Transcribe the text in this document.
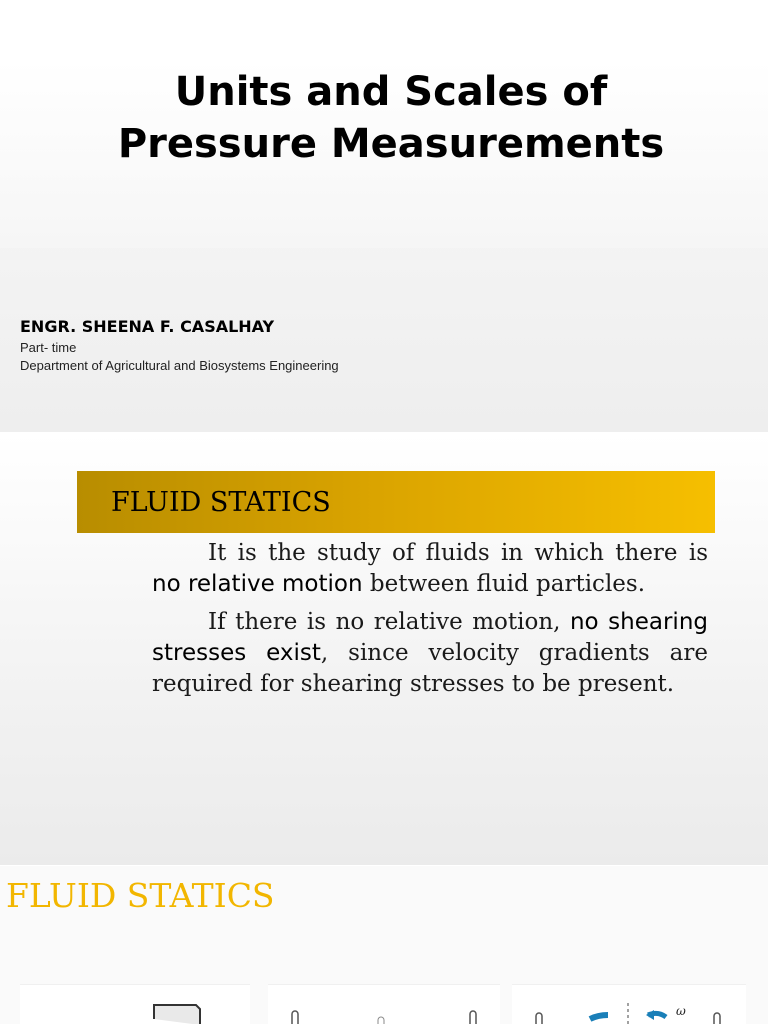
Units and Scales of Pressure Measurements

ENGR. SHEENA F. CASALHAY

Part- time

Department of Agricultural and Biosystems Engineering

FLUID STATICS

It is the study of fluids in which there is no relative motion between fluid particles.

If there is no relative motion, no shearing stresses exist, since velocity gradients are required for shearing stresses to be present.

FLUID STATICS
ω
